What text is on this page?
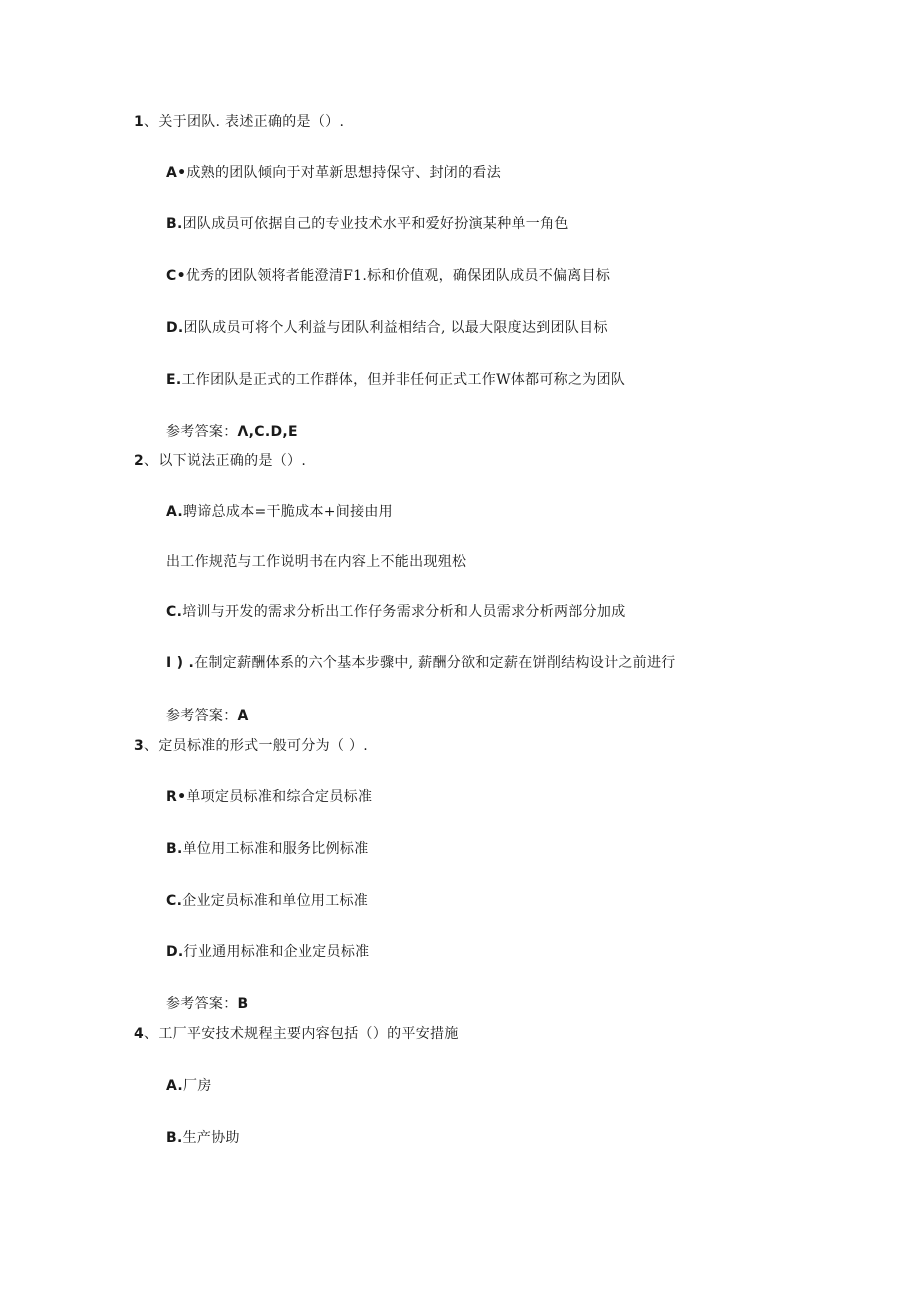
1、关于团队. 表述正确的是（）.
A•成熟的团队倾向于对革新思想持保守、封闭的看法
B.团队成员可依据自己的专业技术水平和爱好扮演某种单一角色
C•优秀的团队领将者能澄清F1.标和价值观，确保团队成员不偏离目标
D.团队成员可将个人利益与团队利益相结合, 以最大限度达到团队目标
E.工作团队是正式的工作群体，但并非任何正式工作W体都可称之为团队
参考答案：Λ,C.D,E
2、以下说法正确的是（）.
A.聘谛总成本=干脆成本+间接由用
出工作规范与工作说明书在内容上不能出现殂松
C.培训与开发的需求分析出工作仔务需求分析和人员需求分析两部分加成
I ) .在制定薪酬体系的六个基本步骤中, 薪酬分欲和定薪在饼削结构设计之前进行
参考答案：A
3、定员标准的形式一般可分为（ ）.
R•单项定员标准和综合定员标准
B.单位用工标准和服务比例标准
C.企业定员标准和单位用工标准
D.行业通用标准和企业定员标准
参考答案：B
4、工厂平安技术规程主要内容包括（）的平安措施
A.厂房
B.生产协助
